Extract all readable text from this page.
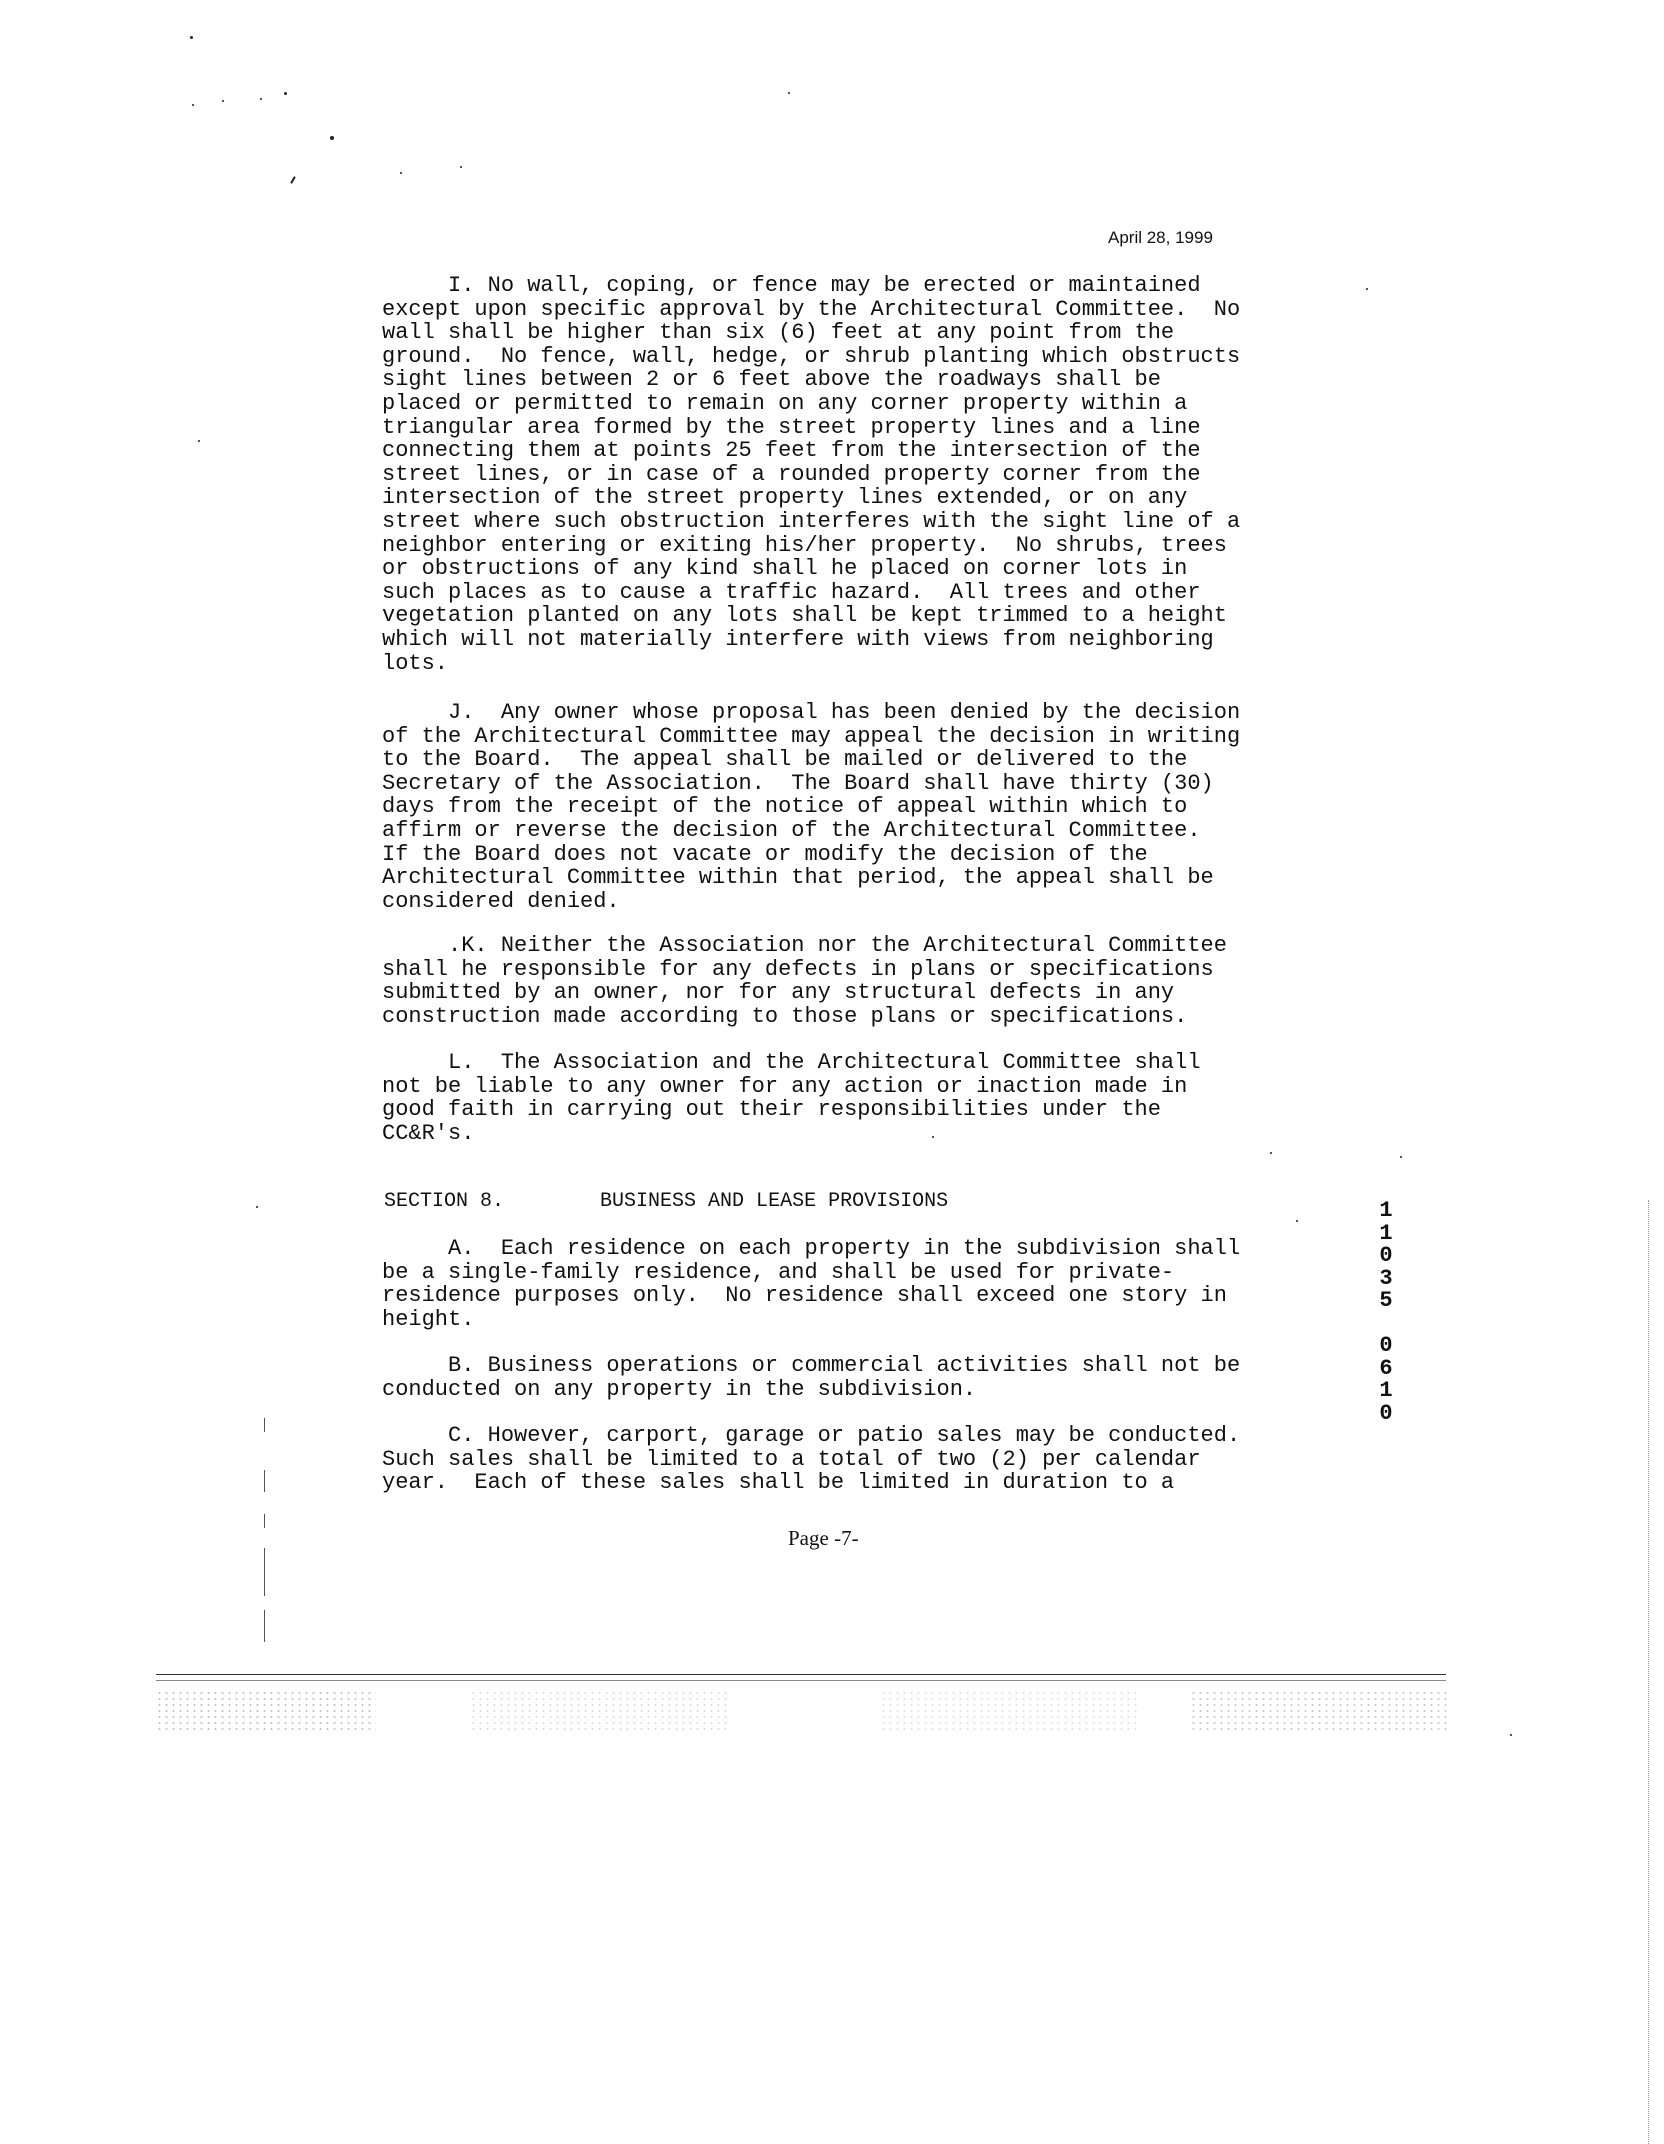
April 28, 1999

I. No wall, coping, or fence may be erected or maintained
except upon specific approval by the Architectural Committee.  No
wall shall be higher than six (6) feet at any point from the
ground.  No fence, wall, hedge, or shrub planting which obstructs
sight lines between 2 or 6 feet above the roadways shall be
placed or permitted to remain on any corner property within a
triangular area formed by the street property lines and a line
connecting them at points 25 feet from the intersection of the
street lines, or in case of a rounded property corner from the
intersection of the street property lines extended, or on any
street where such obstruction interferes with the sight line of a
neighbor entering or exiting his/her property.  No shrubs, trees
or obstructions of any kind shall he placed on corner lots in
such places as to cause a traffic hazard.  All trees and other
vegetation planted on any lots shall be kept trimmed to a height
which will not materially interfere with views from neighboring
lots.

J.  Any owner whose proposal has been denied by the decision
of the Architectural Committee may appeal the decision in writing
to the Board.  The appeal shall be mailed or delivered to the
Secretary of the Association.  The Board shall have thirty (30)
days from the receipt of the notice of appeal within which to
affirm or reverse the decision of the Architectural Committee.
If the Board does not vacate or modify the decision of the
Architectural Committee within that period, the appeal shall be
considered denied.

.K. Neither the Association nor the Architectural Committee
shall he responsible for any defects in plans or specifications
submitted by an owner, nor for any structural defects in any
construction made according to those plans or specifications.

L.  The Association and the Architectural Committee shall
not be liable to any owner for any action or inaction made in
good faith in carrying out their responsibilities under the
CC&R's.

SECTION 8.        BUSINESS AND LEASE PROVISIONS

A.  Each residence on each property in the subdivision shall
be a single-family residence, and shall be used for private-
residence purposes only.  No residence shall exceed one story in
height.

B. Business operations or commercial activities shall not be
conducted on any property in the subdivision.

C. However, carport, garage or patio sales may be conducted.
Such sales shall be limited to a total of two (2) per calendar
year.  Each of these sales shall be limited in duration to a

1
1
0
3
5

0
6
1
0
Page -7-
